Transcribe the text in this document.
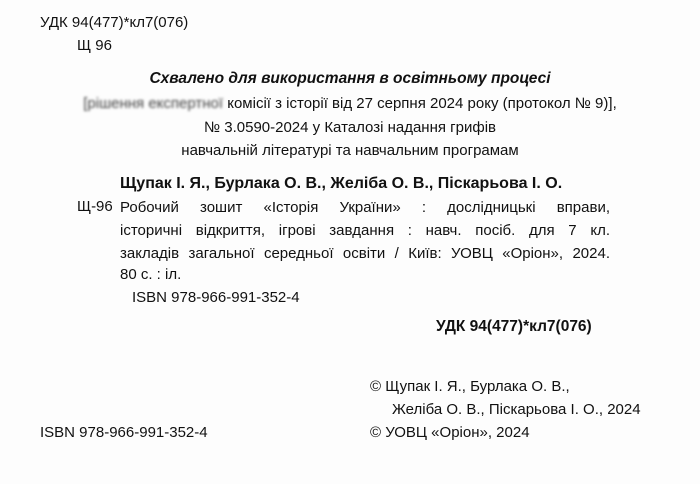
УДК 94(477)*кл7(076)
Щ 96
Схвалено для використання в освітньому процесі
[рішення експертної комісії з історії від 27 серпня 2024 року (протокол № 9)],
№ 3.0590-2024 у Каталозі надання грифів
навчальній літературі та навчальним програмам
Щупак І. Я., Бурлака О. В., Желіба О. В., Піскарьова І. О.
Щ-96 Робочий зошит «Історія України» : дослідницькі вправи,
історичні відкриття, ігрові завдання : навч. посіб. для 7 кл.
закладів загальної середньої освіти / Київ: УОВЦ «Оріон», 2024.
80 с. : іл.
ISBN 978-966-991-352-4
УДК 94(477)*кл7(076)
© Щупак І. Я., Бурлака О. В.,
Желіба О. В., Піскарьова І. О., 2024
© УОВЦ «Оріон», 2024
ISBN 978-966-991-352-4
